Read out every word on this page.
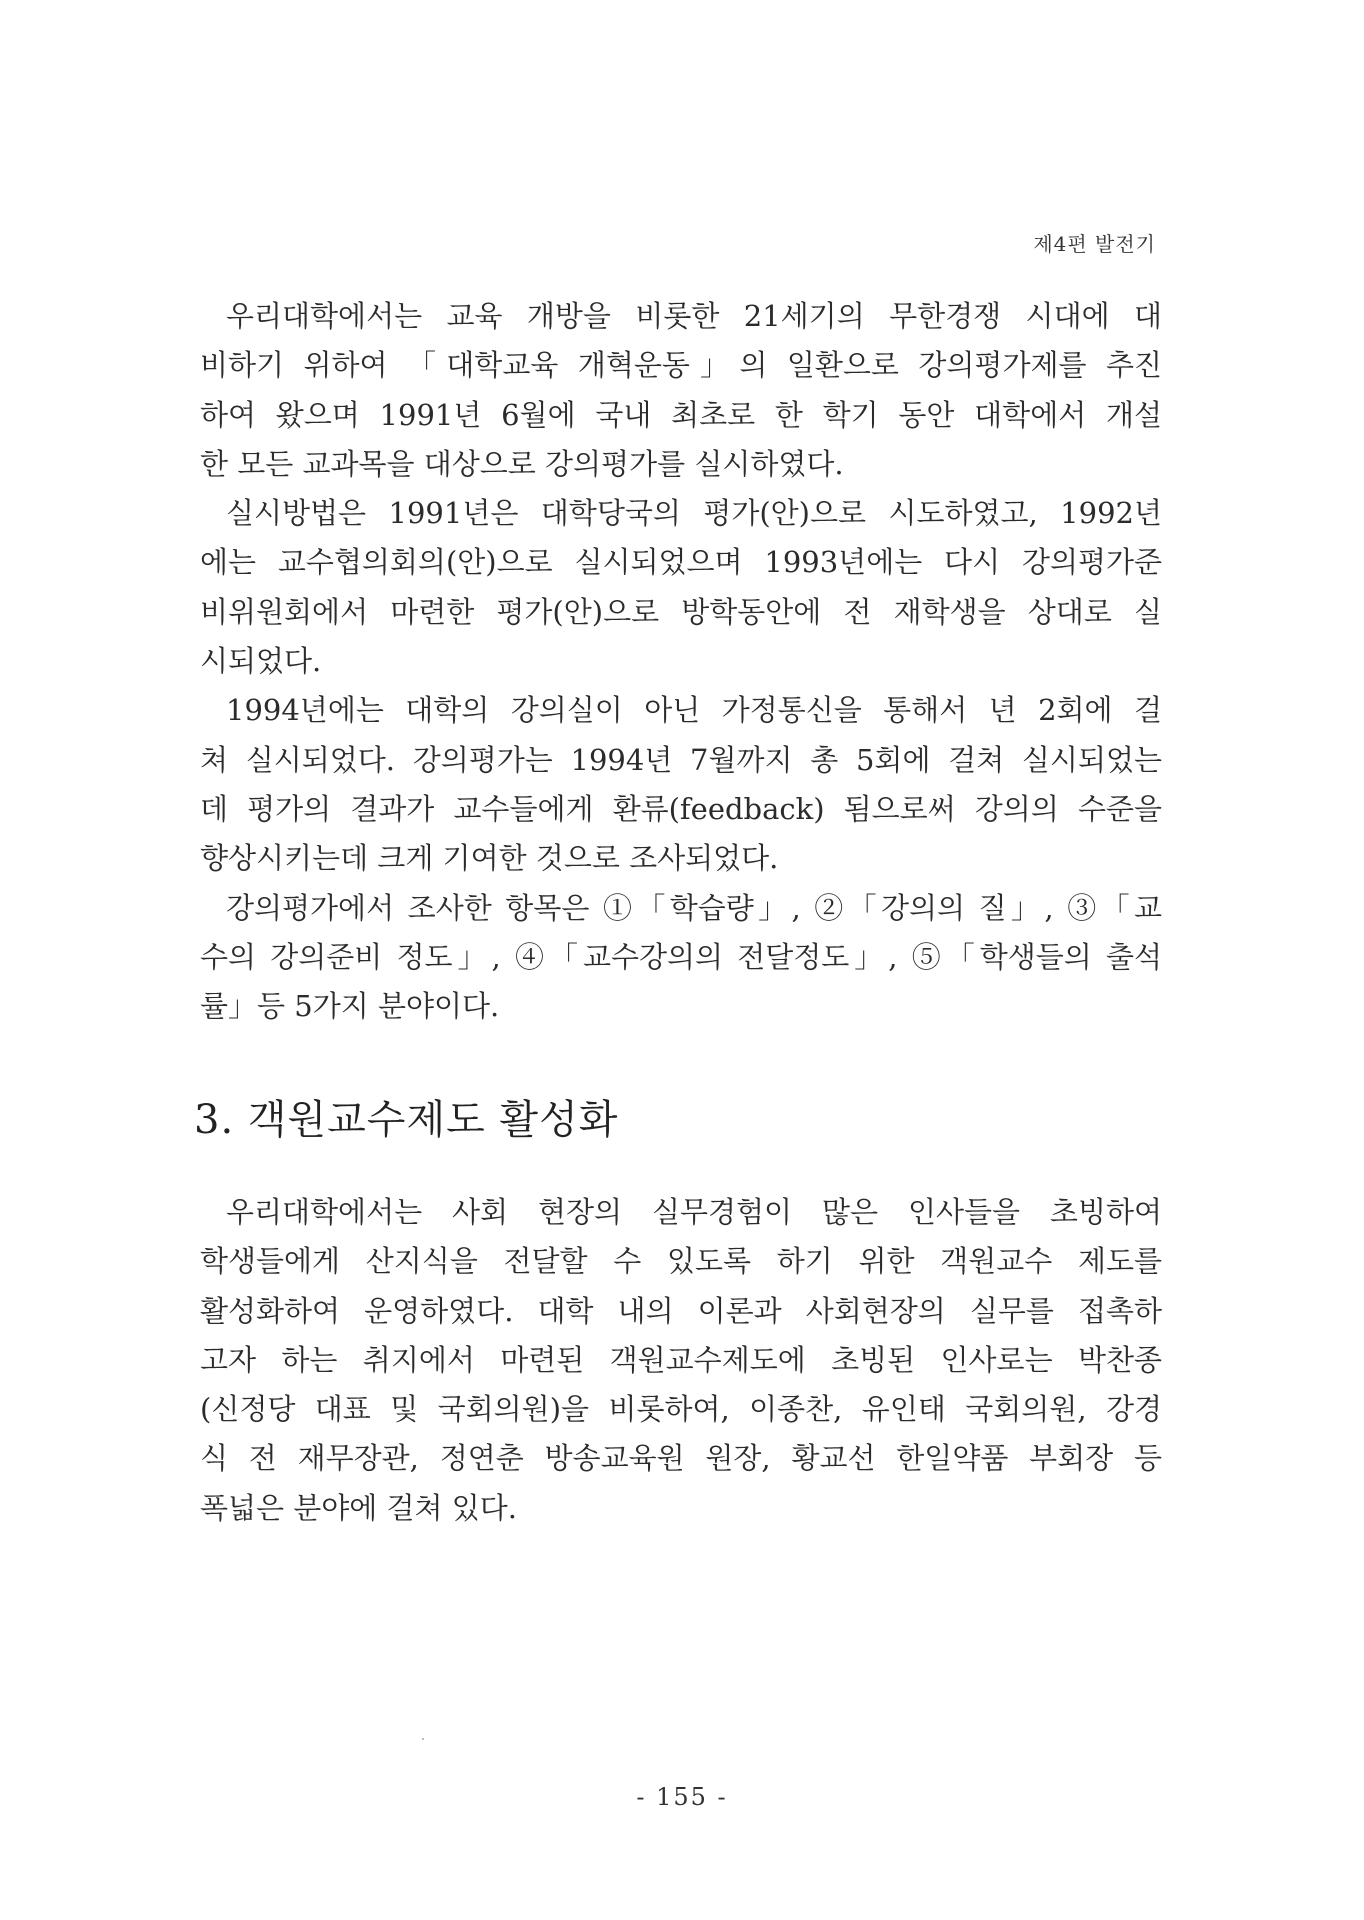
제4편 발전기
우리대학에서는 교육 개방을 비롯한 21세기의 무한경쟁 시대에 대
비하기 위하여 「대학교육 개혁운동」의 일환으로 강의평가제를 추진
하여 왔으며 1991년 6월에 국내 최초로 한 학기 동안 대학에서 개설
한 모든 교과목을 대상으로 강의평가를 실시하였다.
실시방법은 1991년은 대학당국의 평가(안)으로 시도하였고, 1992년
에는 교수협의회의(안)으로 실시되었으며 1993년에는 다시 강의평가준
비위원회에서 마련한 평가(안)으로 방학동안에 전 재학생을 상대로 실
시되었다.
1994년에는 대학의 강의실이 아닌 가정통신을 통해서 년 2회에 걸
쳐 실시되었다. 강의평가는 1994년 7월까지 총 5회에 걸쳐 실시되었는
데 평가의 결과가 교수들에게 환류(feedback) 됨으로써 강의의 수준을
향상시키는데 크게 기여한 것으로 조사되었다.
강의평가에서 조사한 항목은 ①「학습량」, ②「강의의 질」, ③「교
수의 강의준비 정도」, ④「교수강의의 전달정도」, ⑤「학생들의 출석
률」등 5가지 분야이다.
3. 객원교수제도 활성화
우리대학에서는 사회 현장의 실무경험이 많은 인사들을 초빙하여
학생들에게 산지식을 전달할 수 있도록 하기 위한 객원교수 제도를
활성화하여 운영하였다. 대학 내의 이론과 사회현장의 실무를 접촉하
고자 하는 취지에서 마련된 객원교수제도에 초빙된 인사로는 박찬종
(신정당 대표 및 국회의원)을 비롯하여, 이종찬, 유인태 국회의원, 강경
식 전 재무장관, 정연춘 방송교육원 원장, 황교선 한일약품 부회장 등
폭넓은 분야에 걸쳐 있다.
- 155 -
